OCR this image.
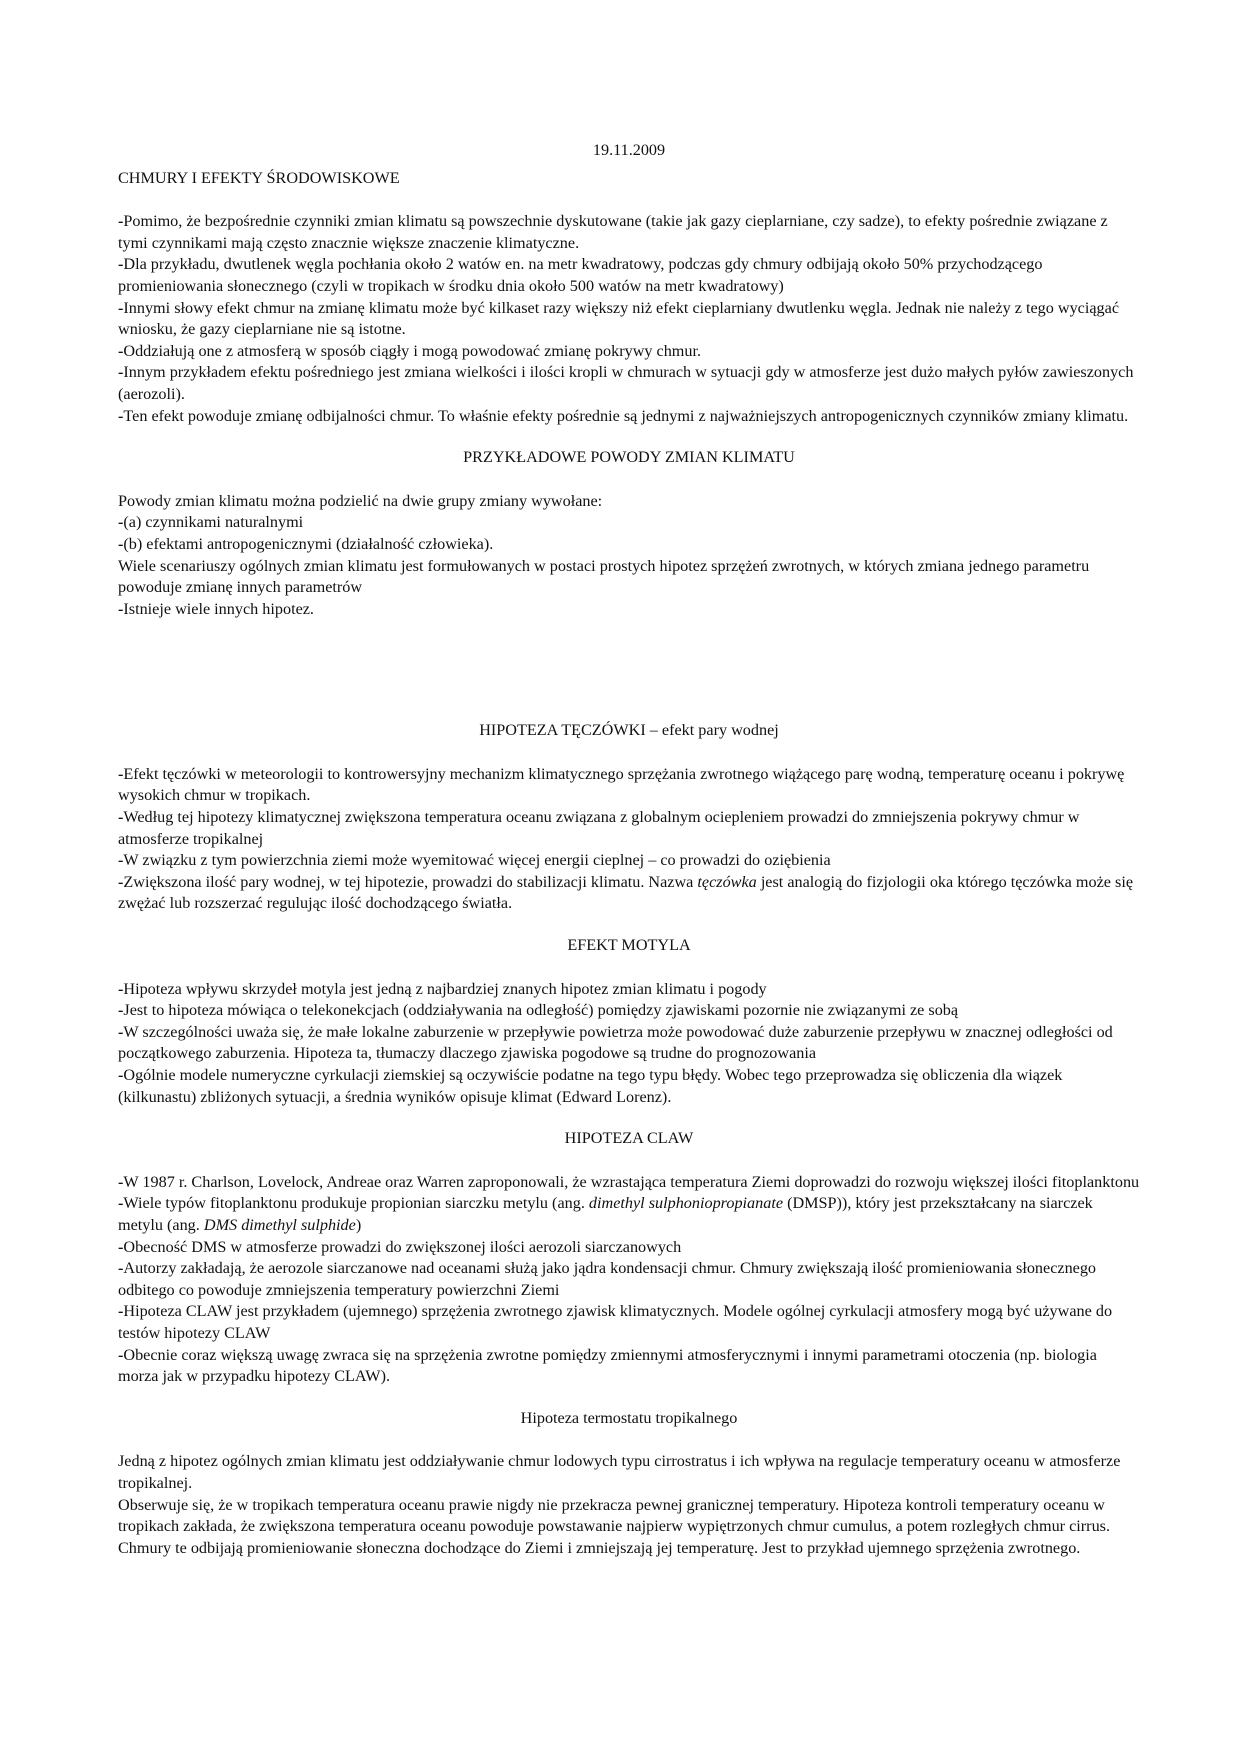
19.11.2009

CHMURY I EFEKTY ŚRODOWISKOWE

-Pomimo, że bezpośrednie czynniki zmian klimatu są powszechnie dyskutowane (takie jak gazy cieplarniane, czy sadze), to efekty pośrednie związane z tymi czynnikami mają często znacznie większe znaczenie klimatyczne.

-Dla przykładu, dwutlenek węgla pochłania około 2 watów en. na metr kwadratowy, podczas gdy chmury odbijają około 50% przychodzącego promieniowania słonecznego (czyli w tropikach w środku dnia około 500 watów na metr kwadratowy)

-Innymi słowy efekt chmur na zmianę klimatu może być kilkaset razy większy niż efekt cieplarniany dwutlenku węgla. Jednak nie należy z tego wyciągać wniosku, że gazy cieplarniane nie są istotne.

-Oddziałują one z atmosferą w sposób ciągły i mogą powodować zmianę pokrywy chmur.

-Innym przykładem efektu pośredniego jest zmiana wielkości i ilości kropli w chmurach w sytuacji gdy w atmosferze jest dużo małych pyłów zawieszonych (aerozoli).

-Ten efekt powoduje zmianę odbijalności chmur. To właśnie efekty pośrednie są jednymi z najważniejszych antropogenicznych czynników zmiany klimatu.

PRZYKŁADOWE POWODY ZMIAN KLIMATU

Powody zmian klimatu można podzielić na dwie grupy zmiany wywołane:

-(a) czynnikami naturalnymi

-(b) efektami antropogenicznymi (działalność człowieka).

Wiele scenariuszy ogólnych zmian klimatu jest formułowanych w postaci prostych hipotez sprzężeń zwrotnych, w których zmiana jednego parametru powoduje zmianę innych parametrów

-Istnieje wiele innych hipotez.

HIPOTEZA TĘCZÓWKI – efekt pary wodnej

-Efekt tęczówki w meteorologii to kontrowersyjny mechanizm klimatycznego sprzężania zwrotnego wiążącego parę wodną, temperaturę oceanu i pokrywę wysokich chmur w tropikach.

-Według tej hipotezy klimatycznej zwiększona temperatura oceanu związana z globalnym ociepleniem prowadzi do zmniejszenia pokrywy chmur w atmosferze tropikalnej

-W związku z tym powierzchnia ziemi może wyemitować więcej energii cieplnej – co prowadzi do oziębienia

-Zwiększona ilość pary wodnej, w tej hipotezie, prowadzi do stabilizacji klimatu. Nazwa tęczówka jest analogią do fizjologii oka którego tęczówka może się zwężać lub rozszerzać regulując ilość dochodzącego światła.

EFEKT MOTYLA

-Hipoteza wpływu skrzydeł motyla jest jedną z najbardziej znanych hipotez zmian klimatu i pogody

-Jest to hipoteza mówiąca o telekonekcjach (oddziaływania na odległość) pomiędzy zjawiskami pozornie nie związanymi ze sobą

-W szczególności uważa się, że małe lokalne zaburzenie w przepływie powietrza może powodować duże zaburzenie przepływu w znacznej odległości od początkowego zaburzenia. Hipoteza ta, tłumaczy dlaczego zjawiska pogodowe są trudne do prognozowania

-Ogólnie modele numeryczne cyrkulacji ziemskiej są oczywiście podatne na tego typu błędy. Wobec tego przeprowadza się obliczenia dla wiązek (kilkunastu) zbliżonych sytuacji, a średnia wyników opisuje klimat (Edward Lorenz).

HIPOTEZA CLAW

-W 1987 r. Charlson, Lovelock, Andreae oraz Warren zaproponowali, że wzrastająca temperatura Ziemi doprowadzi do rozwoju większej ilości fitoplanktonu

-Wiele typów fitoplanktonu produkuje propionian siarczku metylu (ang. dimethyl sulphoniopropianate (DMSP)), który jest przekształcany na siarczek metylu (ang. DMS dimethyl sulphide)

-Obecność DMS w atmosferze prowadzi do zwiększonej ilości aerozoli siarczanowych

-Autorzy zakładają, że aerozole siarczanowe nad oceanami służą jako jądra kondensacji chmur. Chmury zwiększają ilość promieniowania słonecznego odbitego co powoduje zmniejszenia temperatury powierzchni Ziemi

-Hipoteza CLAW jest przykładem (ujemnego) sprzężenia zwrotnego zjawisk klimatycznych. Modele ogólnej cyrkulacji atmosfery mogą być używane do testów hipotezy CLAW

-Obecnie coraz większą uwagę zwraca się na sprzężenia zwrotne pomiędzy zmiennymi atmosferycznymi i innymi parametrami otoczenia (np. biologia morza jak w przypadku hipotezy CLAW).

Hipoteza termostatu tropikalnego

Jedną z hipotez ogólnych zmian klimatu jest oddziaływanie chmur lodowych typu cirrostratus i ich wpływa na regulacje temperatury oceanu w atmosferze tropikalnej.

Obserwuje się, że w tropikach temperatura oceanu prawie nigdy nie przekracza pewnej granicznej temperatury. Hipoteza kontroli temperatury oceanu w tropikach zakłada, że zwiększona temperatura oceanu powoduje powstawanie najpierw wypiętrzonych chmur cumulus, a potem rozległych chmur cirrus.

Chmury te odbijają promieniowanie słoneczna dochodzące do Ziemi i zmniejszają jej temperaturę. Jest to przykład ujemnego sprzężenia zwrotnego.
